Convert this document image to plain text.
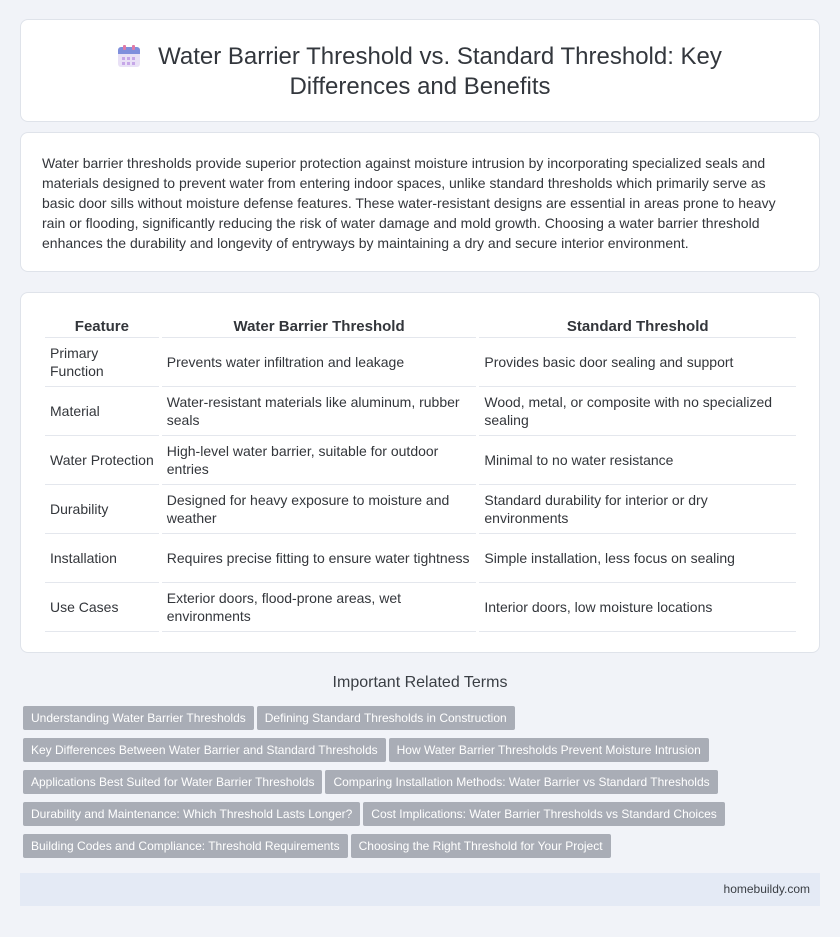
Water Barrier Threshold vs. Standard Threshold: Key Differences and Benefits

Water barrier thresholds provide superior protection against moisture intrusion by incorporating specialized seals and materials designed to prevent water from entering indoor spaces, unlike standard thresholds which primarily serve as basic door sills without moisture defense features. These water-resistant designs are essential in areas prone to heavy rain or flooding, significantly reducing the risk of water damage and mold growth. Choosing a water barrier threshold enhances the durability and longevity of entryways by maintaining a dry and secure interior environment.

Feature	Water Barrier Threshold	Standard Threshold
Primary Function	Prevents water infiltration and leakage	Provides basic door sealing and support
Material	Water-resistant materials like aluminum, rubber seals	Wood, metal, or composite with no specialized sealing
Water Protection	High-level water barrier, suitable for outdoor entries	Minimal to no water resistance
Durability	Designed for heavy exposure to moisture and weather	Standard durability for interior or dry environments
Installation	Requires precise fitting to ensure water tightness	Simple installation, less focus on sealing
Use Cases	Exterior doors, flood-prone areas, wet environments	Interior doors, low moisture locations
Important Related Terms
Understanding Water Barrier Thresholds Defining Standard Thresholds in Construction
Key Differences Between Water Barrier and Standard Thresholds How Water Barrier Thresholds Prevent Moisture Intrusion
Applications Best Suited for Water Barrier Thresholds Comparing Installation Methods: Water Barrier vs Standard Thresholds
Durability and Maintenance: Which Threshold Lasts Longer? Cost Implications: Water Barrier Thresholds vs Standard Choices
Building Codes and Compliance: Threshold Requirements Choosing the Right Threshold for Your Project
homebuildy.com
